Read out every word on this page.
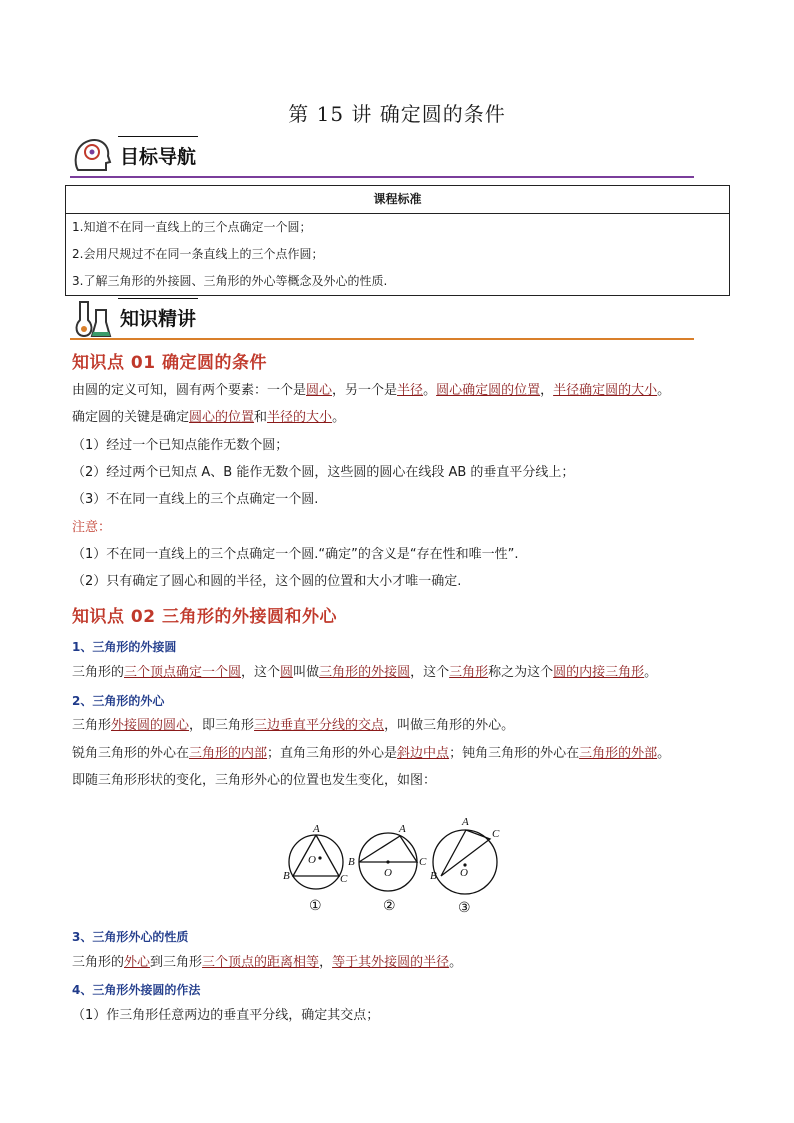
第 15 讲 确定圆的条件
目标导航
课程标准
1.知道不在同一直线上的三个点确定一个圆；
2.会用尺规过不在同一条直线上的三个点作圆；
3.了解三角形的外接圆、三角形的外心等概念及外心的性质.
知识精讲
知识点 01 确定圆的条件
由圆的定义可知，圆有两个要素：一个是圆心，另一个是半径。圆心确定圆的位置，半径确定圆的大小。
确定圆的关键是确定圆心的位置和半径的大小。
（1）经过一个已知点能作无数个圆；
（2）经过两个已知点 A、B 能作无数个圆，这些圆的圆心在线段 AB 的垂直平分线上；
（3）不在同一直线上的三个点确定一个圆.
注意：
（1）不在同一直线上的三个点确定一个圆.“确定”的含义是“存在性和唯一性”.
（2）只有确定了圆心和圆的半径，这个圆的位置和大小才唯一确定.
知识点 02 三角形的外接圆和外心
1、三角形的外接圆
三角形的三个顶点确定一个圆，这个圆叫做三角形的外接圆，这个三角形称之为这个圆的内接三角形。
2、三角形的外心
三角形外接圆的圆心，即三角形三边垂直平分线的交点，叫做三角形的外心。
锐角三角形的外心在三角形的内部；直角三角形的外心是斜边中点；钝角三角形的外心在三角形的外部。
即随三角形形状的变化，三角形外心的位置也发生变化，如图：
A
B	C
O
①
A
B	C
O
②
A
B
C
O
③
3、三角形外心的性质
三角形的外心到三角形三个顶点的距离相等，等于其外接圆的半径。
4、三角形外接圆的作法
（1）作三角形任意两边的垂直平分线，确定其交点；
